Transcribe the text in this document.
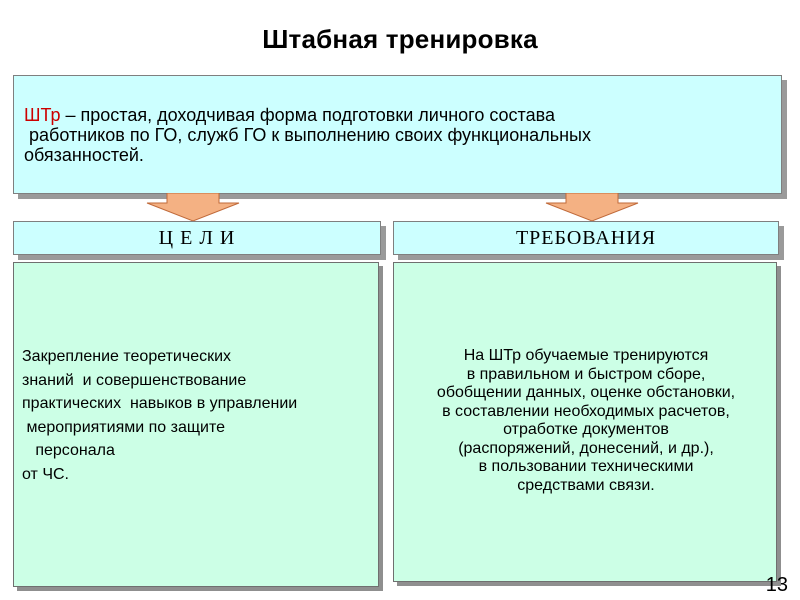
Штабная тренировка
ШТр – простая, доходчивая форма подготовки личного состава
работников по ГО, служб ГО к выполнению своих функциональных
обязанностей.
Ц Е Л И	ТРЕБОВАНИЯ
Закрепление теоретических
знаний  и совершенствование
практических  навыков в управлении
мероприятиями по защите
персонала
от ЧС.
На ШТр обучаемые тренируются
в правильном и быстром сборе,
обобщении данных, оценке обстановки,
в составлении необходимых расчетов,
отработке документов
(распоряжений, донесений, и др.),
в пользовании техническими
средствами связи.
13
